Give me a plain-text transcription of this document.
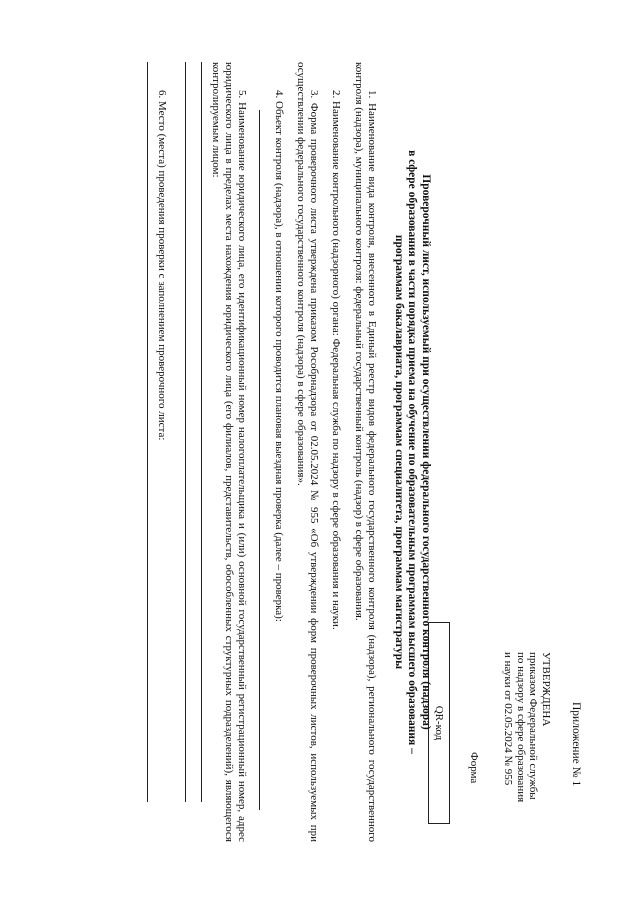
Приложение № 1
УТВЕРЖДЕНА
приказом Федеральной службы
по надзору в сфере образования
и науки от 02.05.2024 № 955
Форма
QR-код
Проверочный лист, используемый при осуществлении федерального государственного контроля (надзора)
в сфере образования в части порядка приема на обучение по образовательным программам высшего образования –
программам бакалавриата, программам специалитета, программам магистратуры
1. Наименование вида контроля, внесенного в Единый реестр видов федерального государственного контроля (надзора), регионального государственного контроля (надзора), муниципального контроля: федеральный государственный контроль (надзор) в сфере образования.
2. Наименование контрольного (надзорного) органа: Федеральная служба по надзору в сфере образования и науки.
3. Форма проверочного листа утверждена приказом Рособрнадзора от 02.05.2024 № 955 «Об утверждении форм проверочных листов, используемых при осуществлении федерального государственного контроля (надзора) в сфере образования».
4. Объект контроля (надзора), в отношении которого проводится плановая выездная проверка (далее – проверка):
5. Наименование юридического лица, его идентификационный номер налогоплательщика и (или) основной государственный регистрационный номер, адрес юридического лица в пределах места нахождения юридического лица (его филиалов, представительств, обособленных структурных подразделений), являющегося контролируемым лицом:
6. Место (места) проведения проверки с заполнением проверочного листа:
